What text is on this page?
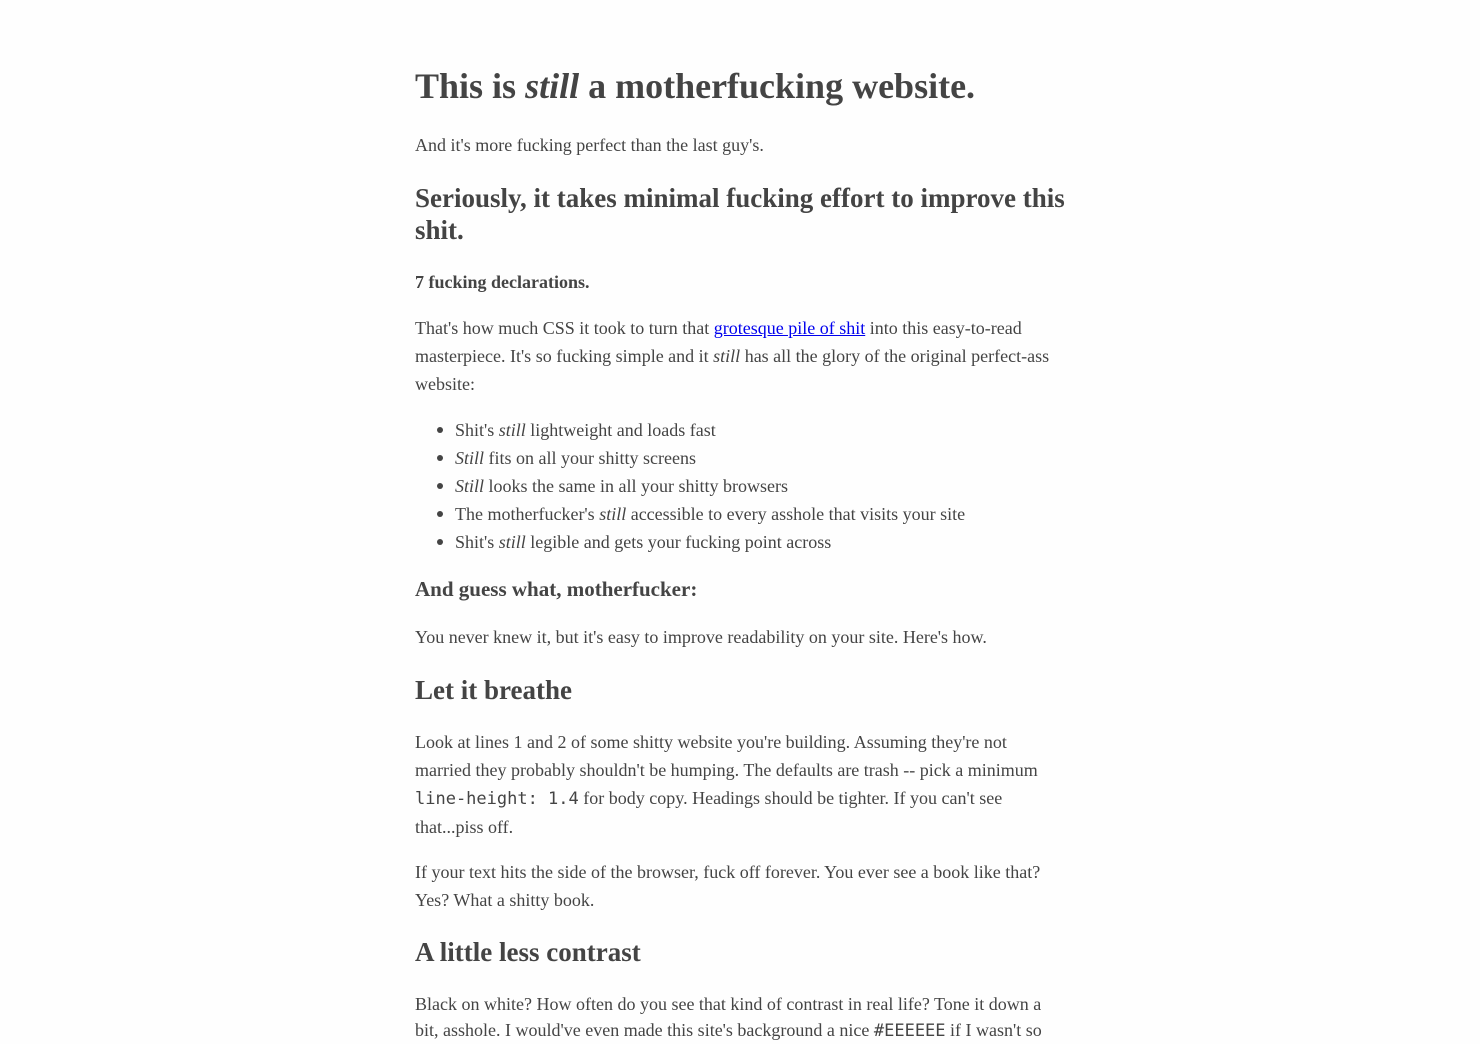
This is still a motherfucking website.

And it's more fucking perfect than the last guy's.

Seriously, it takes minimal fucking effort to improve this shit.
7 fucking declarations.

That's how much CSS it took to turn that grotesque pile of shit into this easy-to-read masterpiece. It's so fucking simple and it still has all the glory of the original perfect-ass website:

Shit's still lightweight and loads fast
Still fits on all your shitty screens
Still looks the same in all your shitty browsers
The motherfucker's still accessible to every asshole that visits your site
Shit's still legible and gets your fucking point across
And guess what, motherfucker:

You never knew it, but it's easy to improve readability on your site. Here's how.

Let it breathe

Look at lines 1 and 2 of some shitty website you're building. Assuming they're not married they probably shouldn't be humping. The defaults are trash -- pick a minimum line-height: 1.4 for body copy. Headings should be tighter. If you can't see that...piss off.

If your text hits the side of the browser, fuck off forever. You ever see a book like that? Yes? What a shitty book.

A little less contrast

Black on white? How often do you see that kind of contrast in real life? Tone it down a bit, asshole. I would've even made this site's background a nice #EEEEEE if I wasn't so
